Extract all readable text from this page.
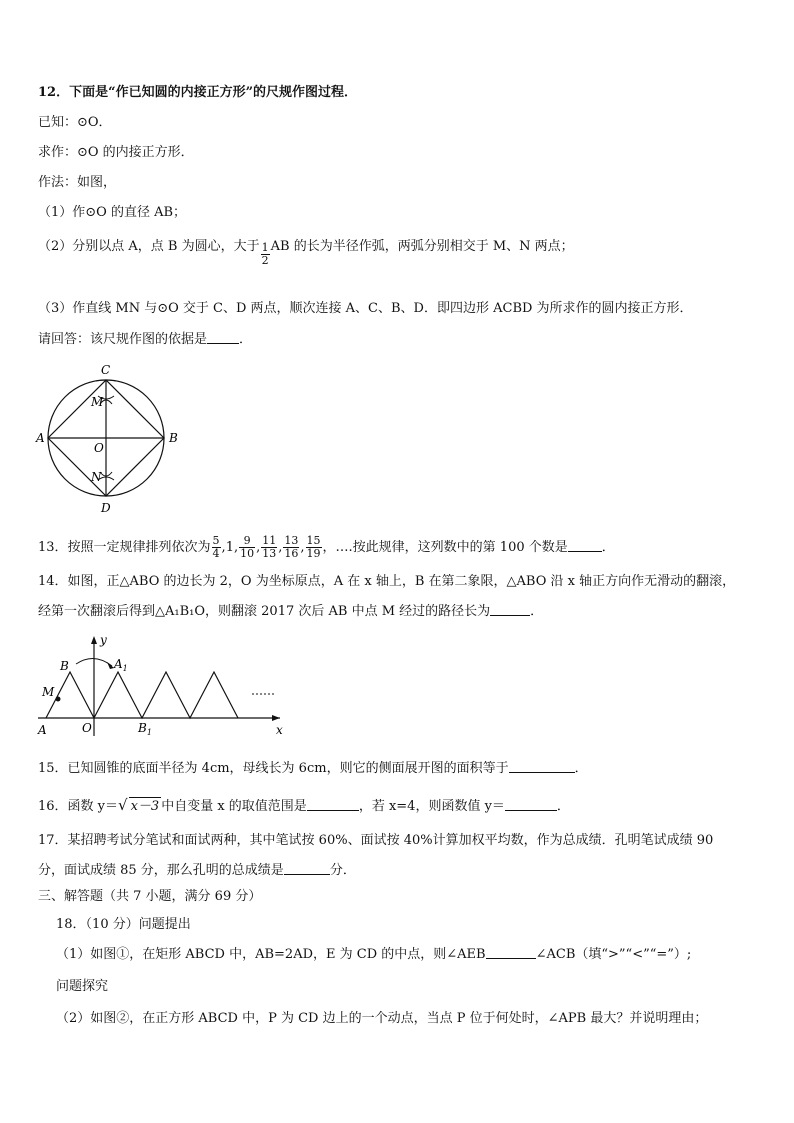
12．下面是“作已知圆的内接正方形”的尺规作图过程．
已知：⊙O．
求作：⊙O 的内接正方形．
作法：如图，
（1）作⊙O 的直径 AB；
（2）分别以点 A，点 B 为圆心，大于 $\frac{1}{2}$ AB 的长为半径作弧，两弧分别相交于 M、N 两点；
（3）作直线 MN 与⊙O 交于 C、D 两点，顺次连接 A、C、B、D．即四边形 ACBD 为所求作的圆内接正方形．
请回答：该尺规作图的依据是 ．
C
M
A
O
B
N
D
13．按照一定规律排列依次为 $\frac{5}{4} ,1$, $\frac{9}{10}$ , $\frac{11}{13}$ , $\frac{13}{16}$ , $\frac{15}{19}$ ，….按此规律，这列数中的第 100 个数是	．
14．如图，正△ABO 的边长为 2，O 为坐标原点，A 在 x 轴上，B 在第二象限，△ABO 沿 x 轴正方向作无滑动的翻滚，
经第一次翻滚后得到△A₁B₁O，则翻滚 2017 次后 AB 中点 M 经过的路径长为	．
y
B	$A_1$
M
O	$B_1$
A	x
15．已知圆锥的底面半径为 4cm，母线长为 6cm，则它的侧面展开图的面积等于	．
16．函数 y＝√ x－3 中自变量 x 的取值范围是	，若 x=4，则函数值 y＝	．
17．某招聘考试分笔试和面试两种，其中笔试按 60%、面试按 40%计算加权平均数，作为总成绩．孔明笔试成绩 90
分，面试成绩 85 分，那么孔明的总成绩是	分．
三、解答题（共 7 小题，满分 69 分）
18．（10 分）问题提出
（1）如图①，在矩形 ABCD 中，AB=2AD，E 为 CD 的中点，则∠AEB	∠ACB（填“>”“<”“=”）;
问题探究
（2）如图②，在正方形 ABCD 中，P 为 CD 边上的一个动点，当点 P 位于何处时，∠APB 最大？并说明理由；
